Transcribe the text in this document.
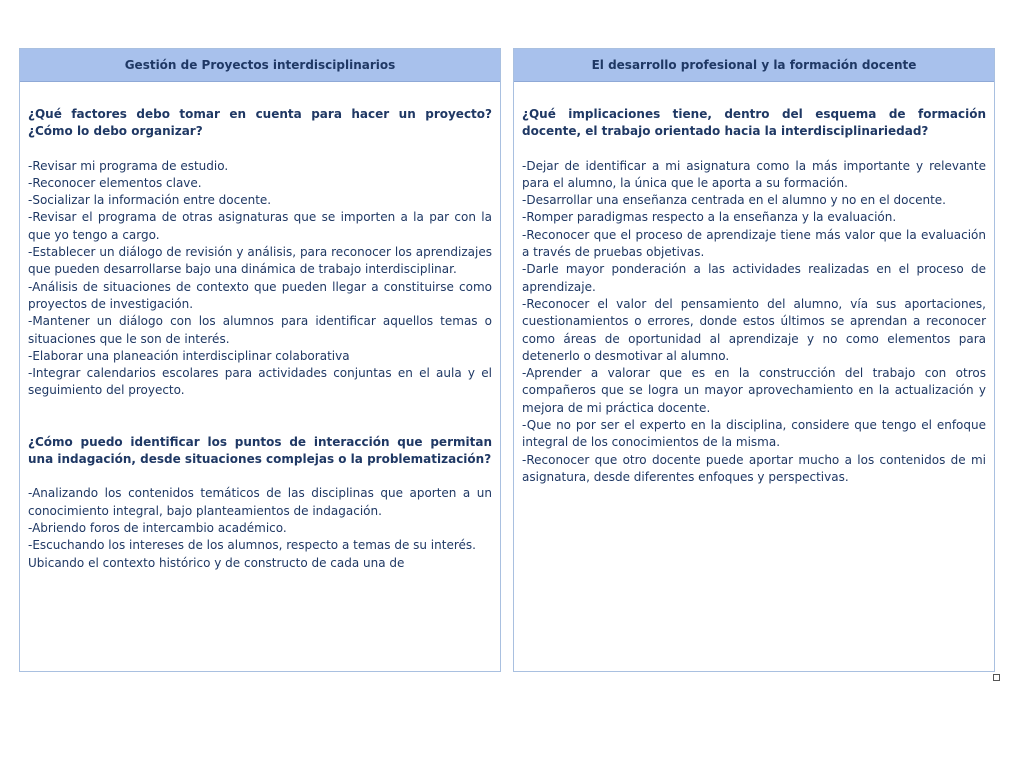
Gestión de Proyectos interdisciplinarios

¿Qué factores debo tomar en cuenta para hacer un proyecto? ¿Cómo lo debo organizar?

-Revisar mi programa de estudio.
-Reconocer elementos clave.
-Socializar la información entre docente.
-Revisar el programa de otras asignaturas que se importen a la par con la que yo tengo a cargo.
-Establecer un diálogo de revisión y análisis, para reconocer los aprendizajes que pueden desarrollarse bajo una dinámica de trabajo interdisciplinar.
-Análisis de situaciones de contexto que pueden llegar a constituirse como proyectos de investigación.
-Mantener un diálogo con los alumnos para identificar aquellos temas o situaciones que le son de interés.
-Elaborar una planeación interdisciplinar colaborativa
-Integrar calendarios escolares para actividades conjuntas en el aula y el seguimiento del proyecto.

¿Cómo puedo identificar los puntos de interacción que permitan una indagación, desde situaciones complejas o la problematización?

-Analizando los contenidos temáticos de las disciplinas que aporten a un conocimiento integral, bajo planteamientos de indagación.
-Abriendo foros de intercambio académico.
-Escuchando los intereses de los alumnos, respecto a temas de su interés.
Ubicando el contexto histórico y de constructo de cada una de
El desarrollo profesional y la formación docente

¿Qué implicaciones tiene, dentro del esquema de formación docente, el trabajo orientado hacia la interdisciplinariedad?

-Dejar de identificar a mi asignatura como la más importante y relevante para el alumno, la única que le aporta a su formación.
-Desarrollar una enseñanza centrada en el alumno y no en el docente.
-Romper paradigmas respecto a la enseñanza y la evaluación.
-Reconocer que el proceso de aprendizaje tiene más valor que la evaluación a través de pruebas objetivas.
-Darle mayor ponderación a las actividades realizadas en el proceso de aprendizaje.
-Reconocer el valor del pensamiento del alumno, vía sus aportaciones, cuestionamientos o errores, donde estos últimos se aprendan a reconocer como áreas de oportunidad al aprendizaje y no como elementos para detenerlo o desmotivar al alumno.
-Aprender a valorar que es en la construcción del trabajo con otros compañeros que se logra un mayor aprovechamiento en la actualización y mejora de mi práctica docente.
-Que no por ser el experto en la disciplina, considere que tengo el enfoque integral de los conocimientos de la misma.
-Reconocer que otro docente puede aportar mucho a los contenidos de mi asignatura, desde diferentes enfoques y perspectivas.
